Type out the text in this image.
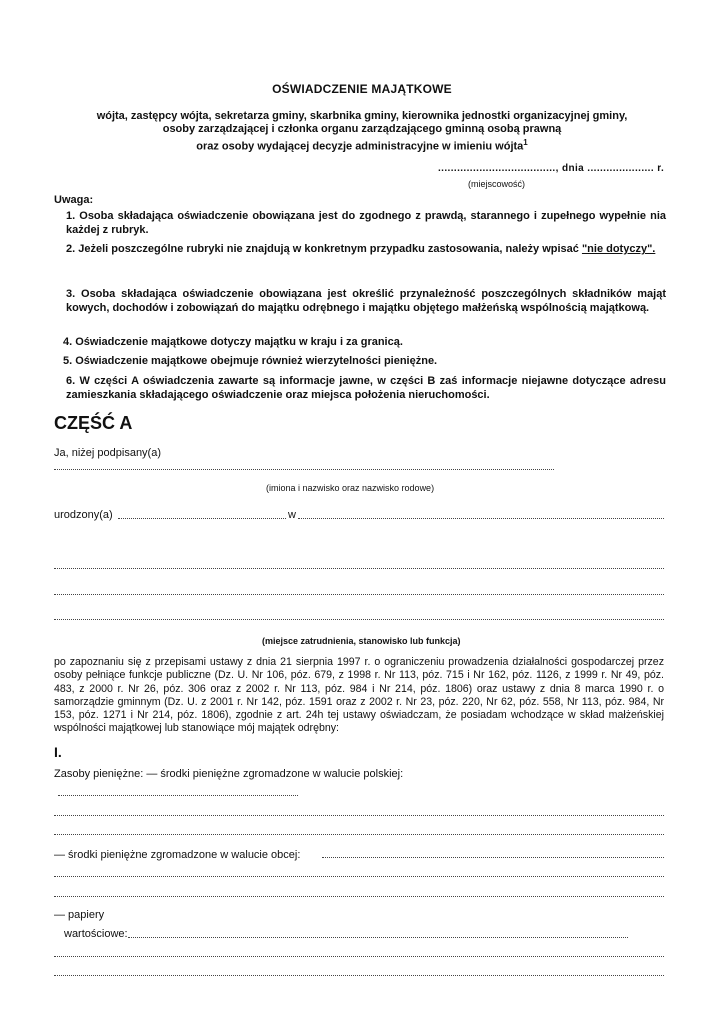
OŚWIADCZENIE MAJĄTKOWE
wójta, zastępcy wójta, sekretarza gminy, skarbnika gminy, kierownika jednostki organizacyjnej gminy,
osoby zarządzającej i członka organu zarządzającego gminną osobą prawną
oraz osoby wydającej decyzje administracyjne w imieniu wójta$^1$
....................................., dnia ..................... r.
(miejscowość)
Uwaga:
1. Osoba składająca oświadczenie obowiązana jest do zgodnego z prawdą, starannego i zupełnego wypełnie nia każdej z rubryk.
2. Jeżeli poszczególne rubryki nie znajdują w konkretnym przypadku zastosowania, należy wpisać "nie dotyczy".
3. Osoba składająca oświadczenie obowiązana jest określić przynależność poszczególnych składników mająt kowych, dochodów i zobowiązań do majątku odrębnego i majątku objętego małżeńską wspólnością majątkową.
4. Oświadczenie majątkowe dotyczy majątku w kraju i za granicą.
5. Oświadczenie majątkowe obejmuje również wierzytelności pieniężne.
6. W części A oświadczenia zawarte są informacje jawne, w części B zaś informacje niejawne dotyczące adresu zamieszkania składającego oświadczenie oraz miejsca położenia nieruchomości.
CZĘŚĆ A
Ja, niżej podpisany(a)
(imiona i nazwisko oraz nazwisko rodowe)
urodzony(a)	w
(miejsce zatrudnienia, stanowisko lub funkcja)
po zapoznaniu się z przepisami ustawy z dnia 21 sierpnia 1997 r. o ograniczeniu prowadzenia działalności gospodarczej przez osoby pełniące funkcje publiczne (Dz. U. Nr 106, póz. 679, z 1998 r. Nr 113, póz. 715 i Nr 162, póz. 1126, z 1999 r. Nr 49, póz. 483, z 2000 r. Nr 26, póz. 306 oraz z 2002 r. Nr 113, póz. 984 i Nr 214, póz. 1806) oraz ustawy z dnia 8 marca 1990 r. o samorządzie gminnym (Dz. U. z 2001 r. Nr 142, póz. 1591 oraz z 2002 r. Nr 23, póz. 220, Nr 62, póz. 558, Nr 113, póz. 984, Nr 153, póz. 1271 i Nr 214, póz. 1806), zgodnie z art. 24h tej ustawy oświadczam, że posiadam wchodzące w skład małżeńskiej wspólności majątkowej lub stanowiące mój majątek odrębny:
I.
Zasoby pieniężne: — środki pieniężne zgromadzone w walucie polskiej:
— środki pieniężne zgromadzone w walucie obcej:
— papiery
wartościowe:
